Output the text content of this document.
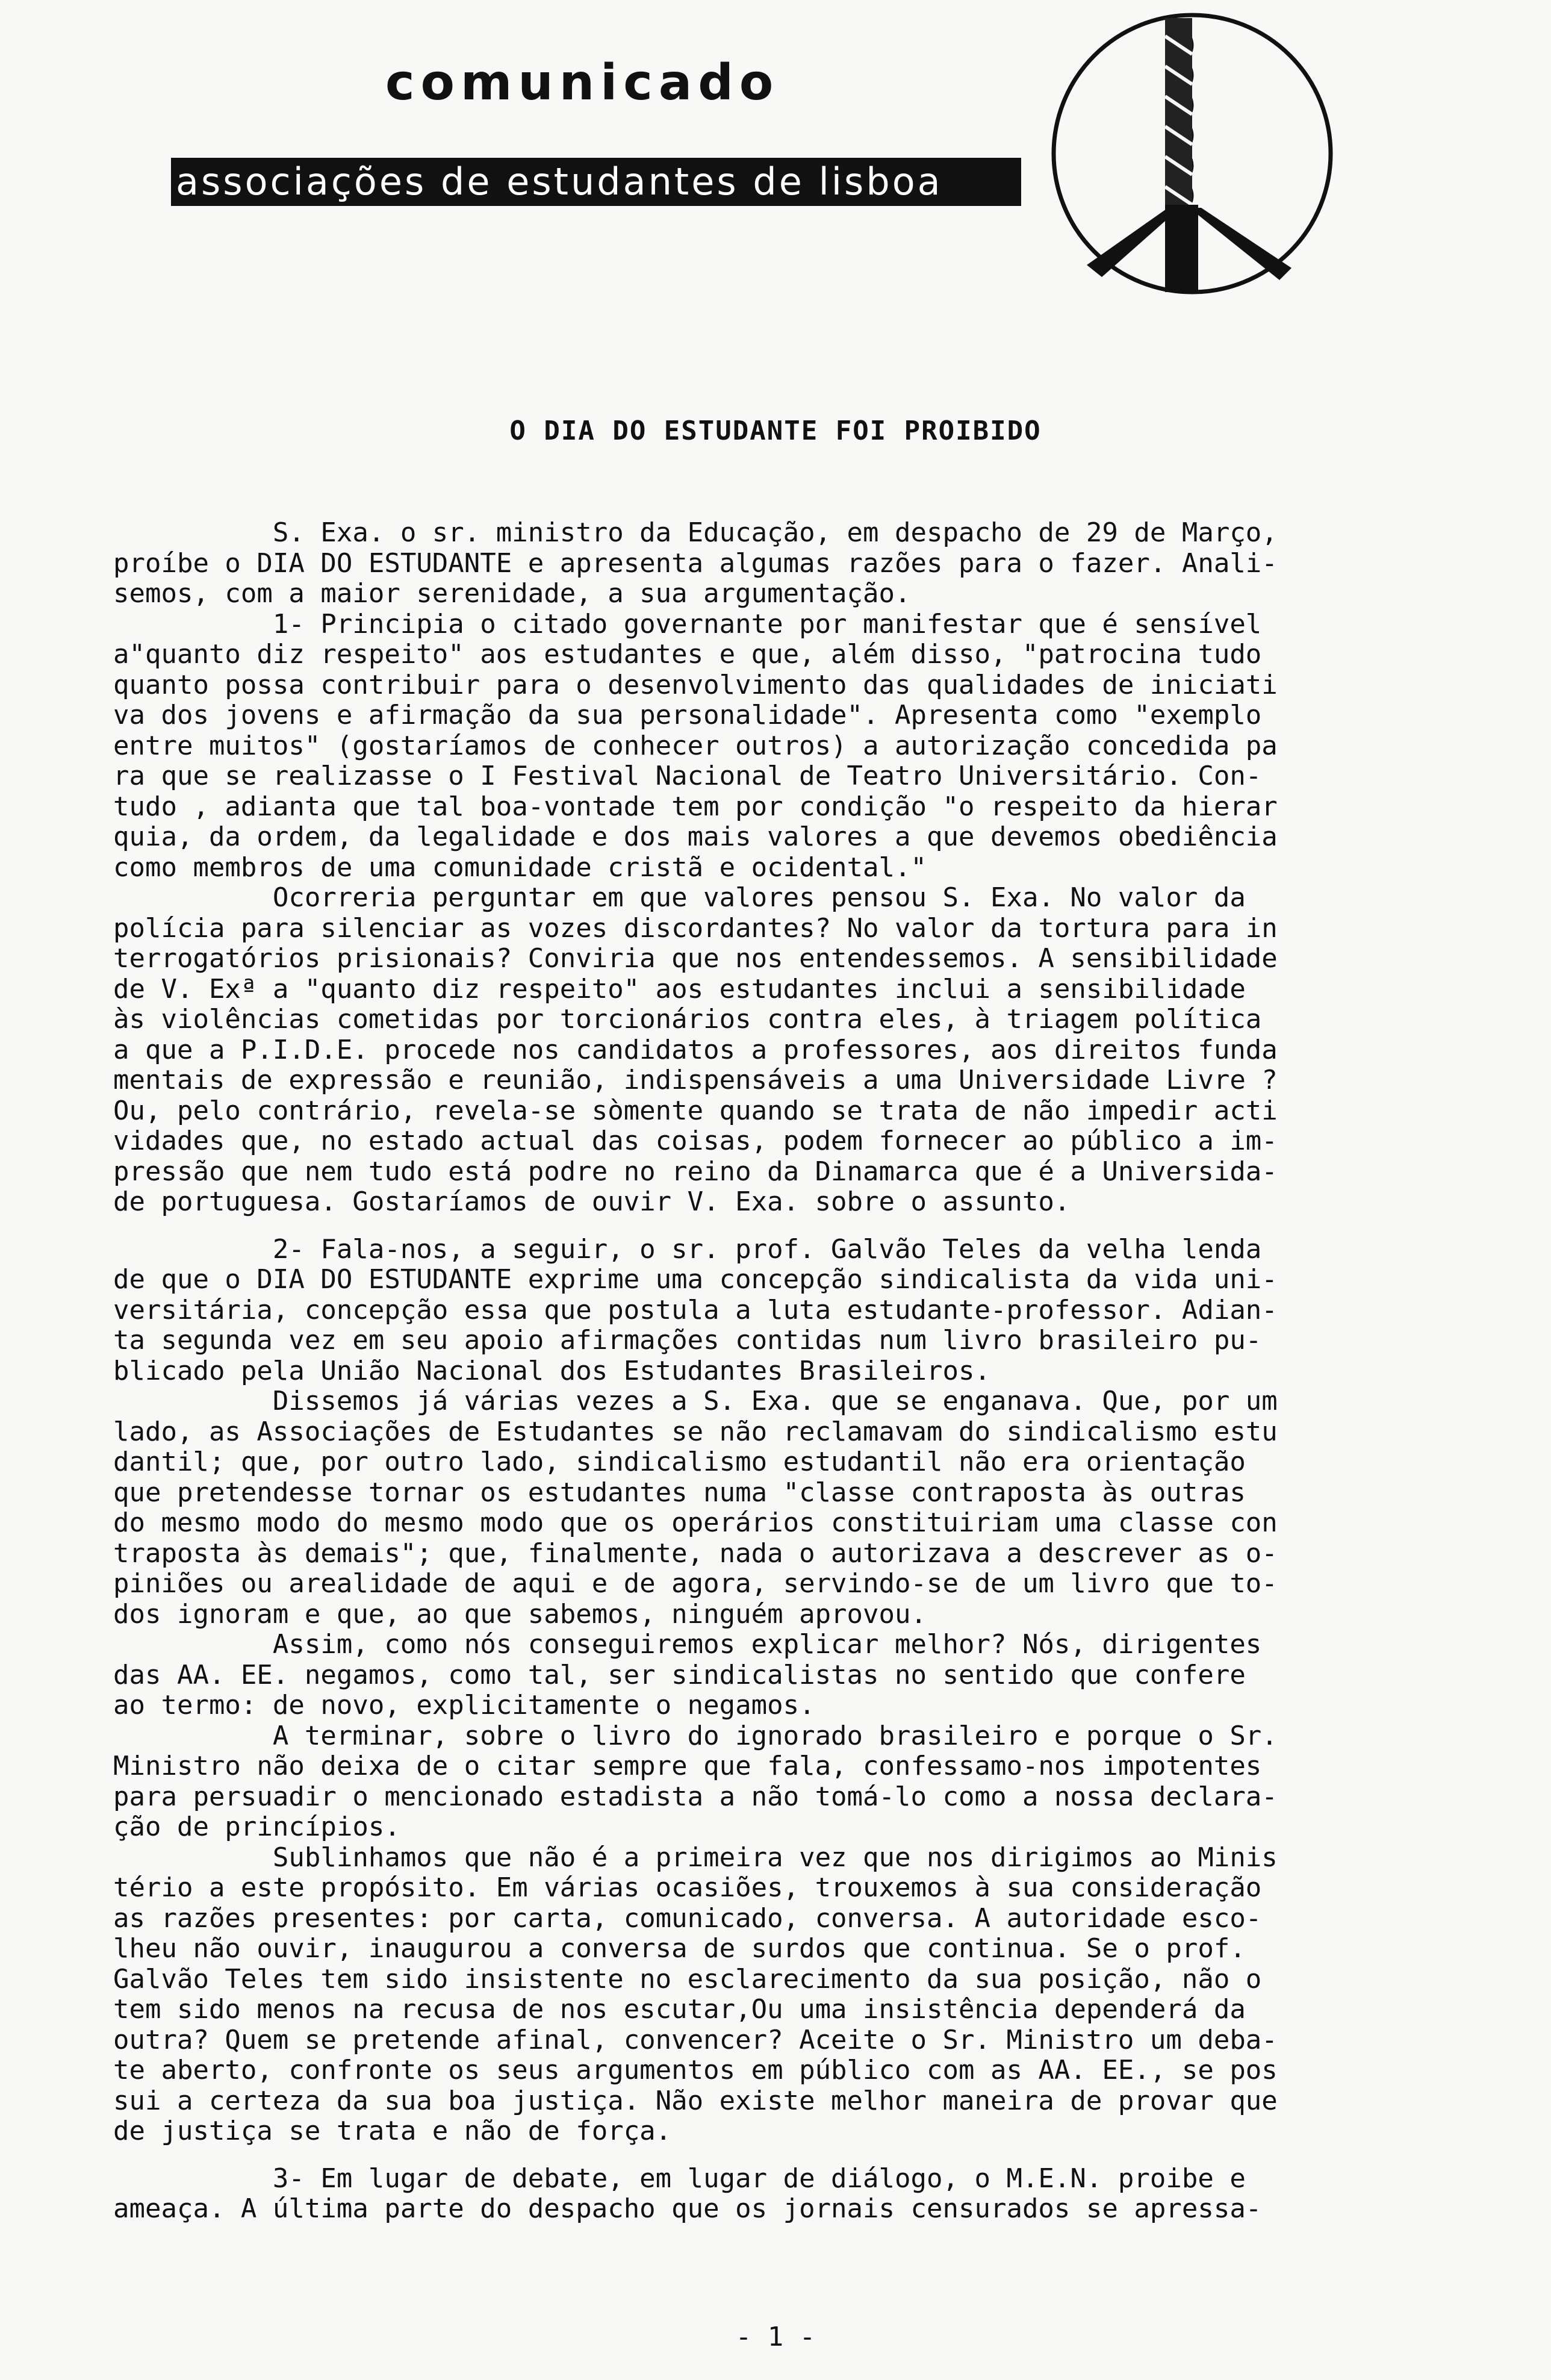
comunicado
associações de estudantes de lisboa
O DIA DO ESTUDANTE FOI PROIBIDO

S. Exa. o sr. ministro da Educação, em despacho de 29 de Março,
proíbe o DIA DO ESTUDANTE e apresenta algumas razões para o fazer. Anali-
semos, com a maior serenidade, a sua argumentação.

1- Principia o citado governante por manifestar que é sensível
a"quanto diz respeito" aos estudantes e que, além disso, "patrocina tudo
quanto possa contribuir para o desenvolvimento das qualidades de iniciati
va dos jovens e afirmação da sua personalidade". Apresenta como "exemplo
entre muitos" (gostaríamos de conhecer outros) a autorização concedida pa
ra que se realizasse o I Festival Nacional de Teatro Universitário. Con-
tudo , adianta que tal boa-vontade tem por condição "o respeito da hierar
quia, da ordem, da legalidade e dos mais valores a que devemos obediência
como membros de uma comunidade cristã e ocidental."

Ocorreria perguntar em que valores pensou S. Exa. No valor da
polícia para silenciar as vozes discordantes? No valor da tortura para in
terrogatórios prisionais? Conviria que nos entendessemos. A sensibilidade
de V. Exª a "quanto diz respeito" aos estudantes inclui a sensibilidade
às violências cometidas por torcionários contra eles, à triagem política
a que a P.I.D.E. procede nos candidatos a professores, aos direitos funda
mentais de expressão e reunião, indispensáveis a uma Universidade Livre ?
Ou, pelo contrário, revela-se sòmente quando se trata de não impedir acti
vidades que, no estado actual das coisas, podem fornecer ao público a im-
pressão que nem tudo está podre no reino da Dinamarca que é a Universida-
de portuguesa. Gostaríamos de ouvir V. Exa. sobre o assunto.

2- Fala-nos, a seguir, o sr. prof. Galvão Teles da velha lenda
de que o DIA DO ESTUDANTE exprime uma concepção sindicalista da vida uni-
versitária, concepção essa que postula a luta estudante-professor. Adian-
ta segunda vez em seu apoio afirmações contidas num livro brasileiro pu-
blicado pela União Nacional dos Estudantes Brasileiros.

Dissemos já várias vezes a S. Exa. que se enganava. Que, por um
lado, as Associações de Estudantes se não reclamavam do sindicalismo estu
dantil; que, por outro lado, sindicalismo estudantil não era orientação
que pretendesse tornar os estudantes numa "classe contraposta às outras
do mesmo modo do mesmo modo que os operários constituiriam uma classe con
traposta às demais"; que, finalmente, nada o autorizava a descrever as o-
piniões ou arealidade de aqui e de agora, servindo-se de um livro que to-
dos ignoram e que, ao que sabemos, ninguém aprovou.

Assim, como nós conseguiremos explicar melhor? Nós, dirigentes
das AA. EE. negamos, como tal, ser sindicalistas no sentido que confere
ao termo: de novo, explicitamente o negamos.

A terminar, sobre o livro do ignorado brasileiro e porque o Sr.
Ministro não deixa de o citar sempre que fala, confessamo-nos impotentes
para persuadir o mencionado estadista a não tomá-lo como a nossa declara-
ção de princípios.

Sublinhamos que não é a primeira vez que nos dirigimos ao Minis
tério a este propósito. Em várias ocasiões, trouxemos à sua consideração
as razões presentes: por carta, comunicado, conversa. A autoridade esco-
lheu não ouvir, inaugurou a conversa de surdos que continua. Se o prof.
Galvão Teles tem sido insistente no esclarecimento da sua posição, não o
tem sido menos na recusa de nos escutar,Ou uma insistência dependerá da
outra? Quem se pretende afinal, convencer? Aceite o Sr. Ministro um deba-
te aberto, confronte os seus argumentos em público com as AA. EE., se pos
sui a certeza da sua boa justiça. Não existe melhor maneira de provar que
de justiça se trata e não de força.

3- Em lugar de debate, em lugar de diálogo, o M.E.N. proibe e
ameaça. A última parte do despacho que os jornais censurados se apressa-

- 1 -
